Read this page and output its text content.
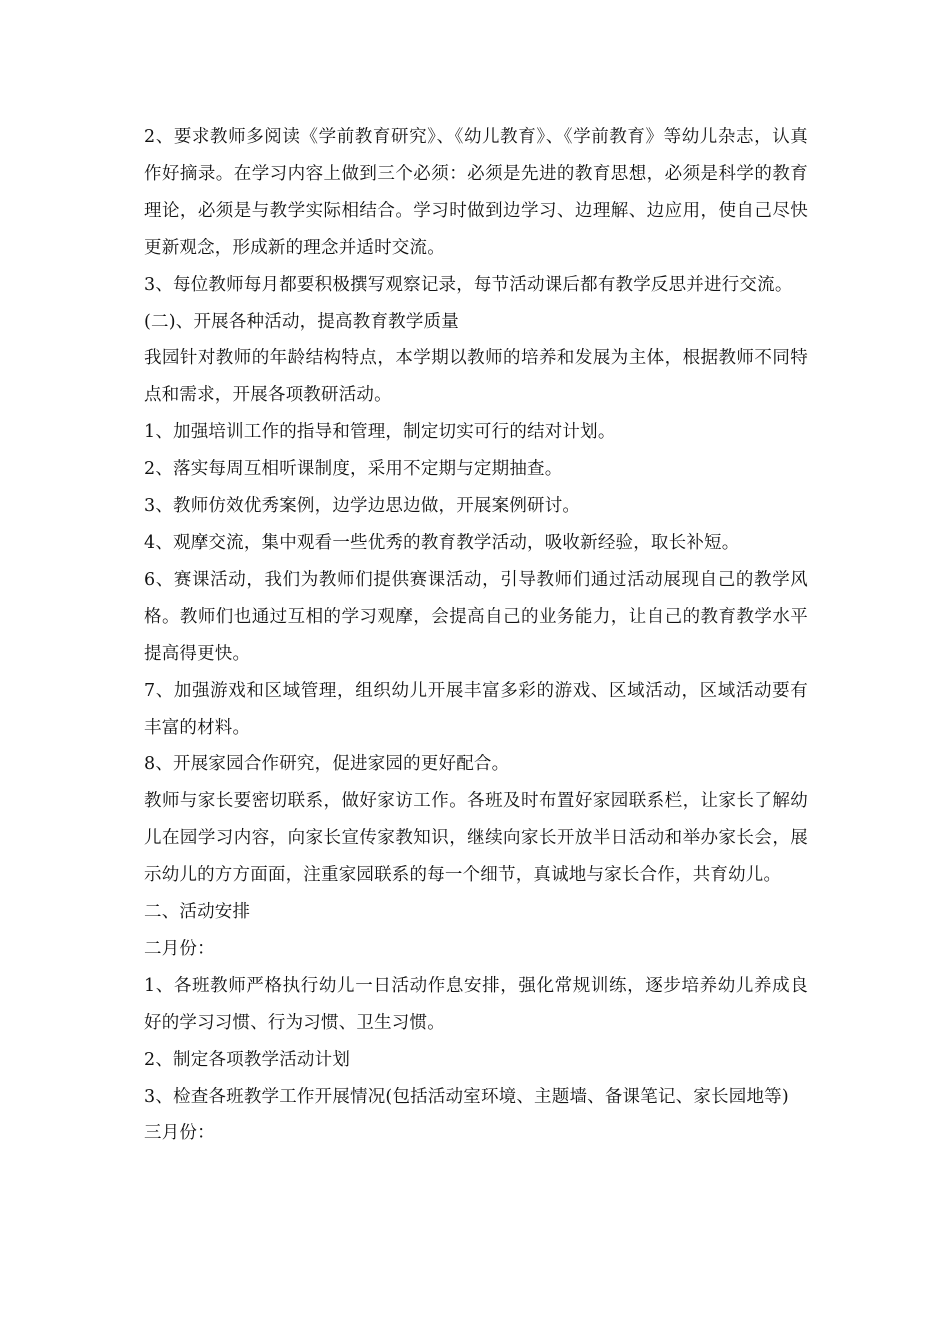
2、要求教师多阅读《学前教育研究》、《幼儿教育》、《学前教育》等幼儿杂志，认真作好摘录。在学习内容上做到三个必须：必须是先进的教育思想，必须是科学的教育理论，必须是与教学实际相结合。学习时做到边学习、边理解、边应用，使自己尽快更新观念，形成新的理念并适时交流。

3、每位教师每月都要积极撰写观察记录，每节活动课后都有教学反思并进行交流。

(二)、开展各种活动，提高教育教学质量

我园针对教师的年龄结构特点，本学期以教师的培养和发展为主体，根据教师不同特点和需求，开展各项教研活动。

1、加强培训工作的指导和管理，制定切实可行的结对计划。

2、落实每周互相听课制度，采用不定期与定期抽查。

3、教师仿效优秀案例，边学边思边做，开展案例研讨。

4、观摩交流，集中观看一些优秀的教育教学活动，吸收新经验，取长补短。

6、赛课活动，我们为教师们提供赛课活动，引导教师们通过活动展现自己的教学风格。教师们也通过互相的学习观摩，会提高自己的业务能力，让自己的教育教学水平提高得更快。

7、加强游戏和区域管理，组织幼儿开展丰富多彩的游戏、区域活动，区域活动要有丰富的材料。

8、开展家园合作研究，促进家园的更好配合。

教师与家长要密切联系，做好家访工作。各班及时布置好家园联系栏，让家长了解幼儿在园学习内容，向家长宣传家教知识，继续向家长开放半日活动和举办家长会，展示幼儿的方方面面，注重家园联系的每一个细节，真诚地与家长合作，共育幼儿。

二、活动安排

二月份：

1、各班教师严格执行幼儿一日活动作息安排，强化常规训练，逐步培养幼儿养成良好的学习习惯、行为习惯、卫生习惯。

2、制定各项教学活动计划

3、检查各班教学工作开展情况(包括活动室环境、主题墙、备课笔记、家长园地等)

三月份：
